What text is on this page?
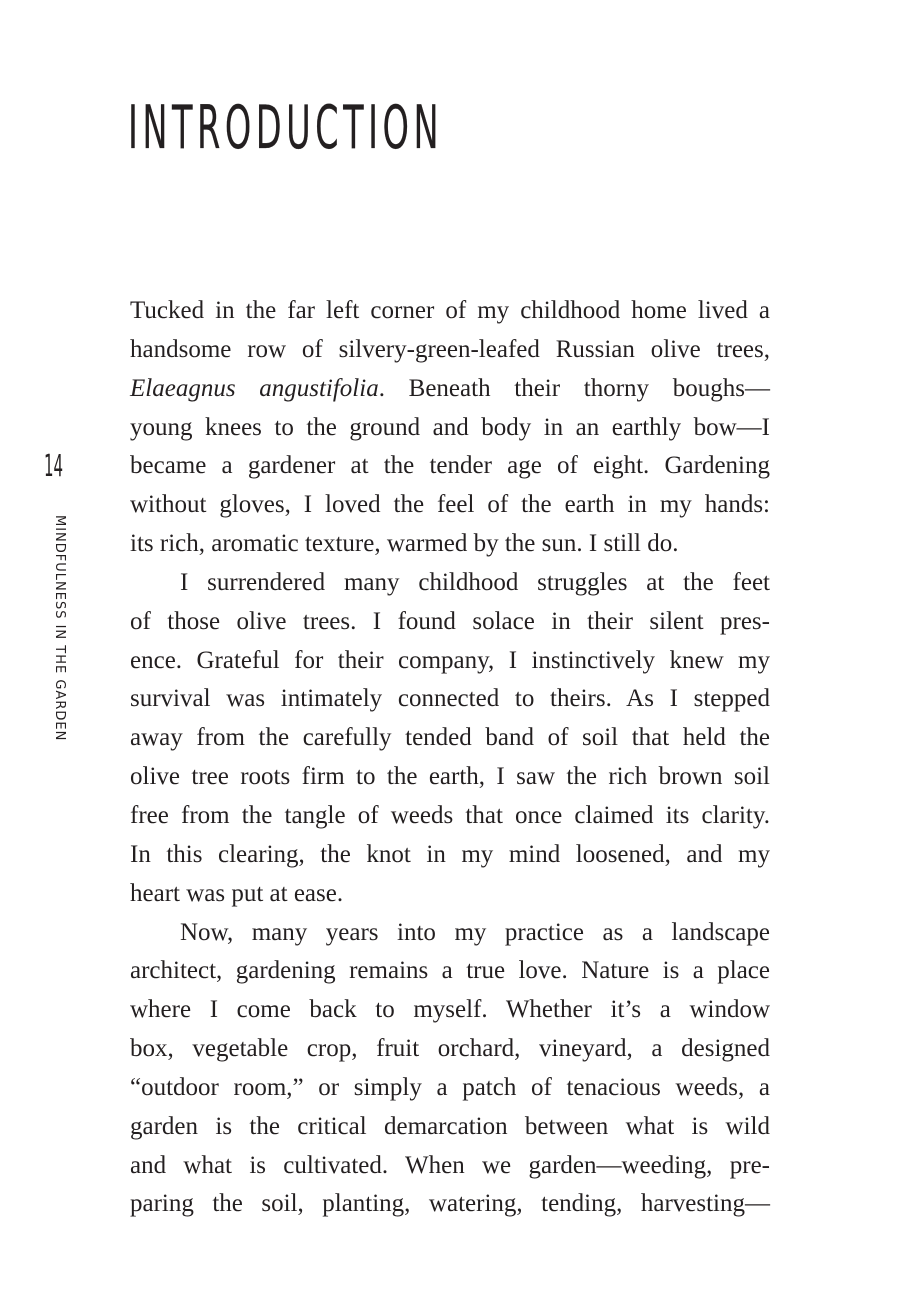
INTRODUCTION
14
MINDFULNESS IN THE GARDEN
Tucked in the far left corner of my childhood home lived a
handsome row of silvery-green-leafed Russian olive trees,
Elaeagnus angustifolia. Beneath their thorny boughs—
young knees to the ground and body in an earthly bow—I
became a gardener at the tender age of eight. Gardening
without gloves, I loved the feel of the earth in my hands:
its rich, aromatic texture, warmed by the sun. I still do.
I surrendered many childhood struggles at the feet
of those olive trees. I found solace in their silent pres-
ence. Grateful for their company, I instinctively knew my
survival was intimately connected to theirs. As I stepped
away from the carefully tended band of soil that held the
olive tree roots firm to the earth, I saw the rich brown soil
free from the tangle of weeds that once claimed its clarity.
In this clearing, the knot in my mind loosened, and my
heart was put at ease.
Now, many years into my practice as a landscape
architect, gardening remains a true love. Nature is a place
where I come back to myself. Whether it’s a window
box, vegetable crop, fruit orchard, vineyard, a designed
“outdoor room,” or simply a patch of tenacious weeds, a
garden is the critical demarcation between what is wild
and what is cultivated. When we garden—weeding, pre-
paring the soil, planting, watering, tending, harvesting—
